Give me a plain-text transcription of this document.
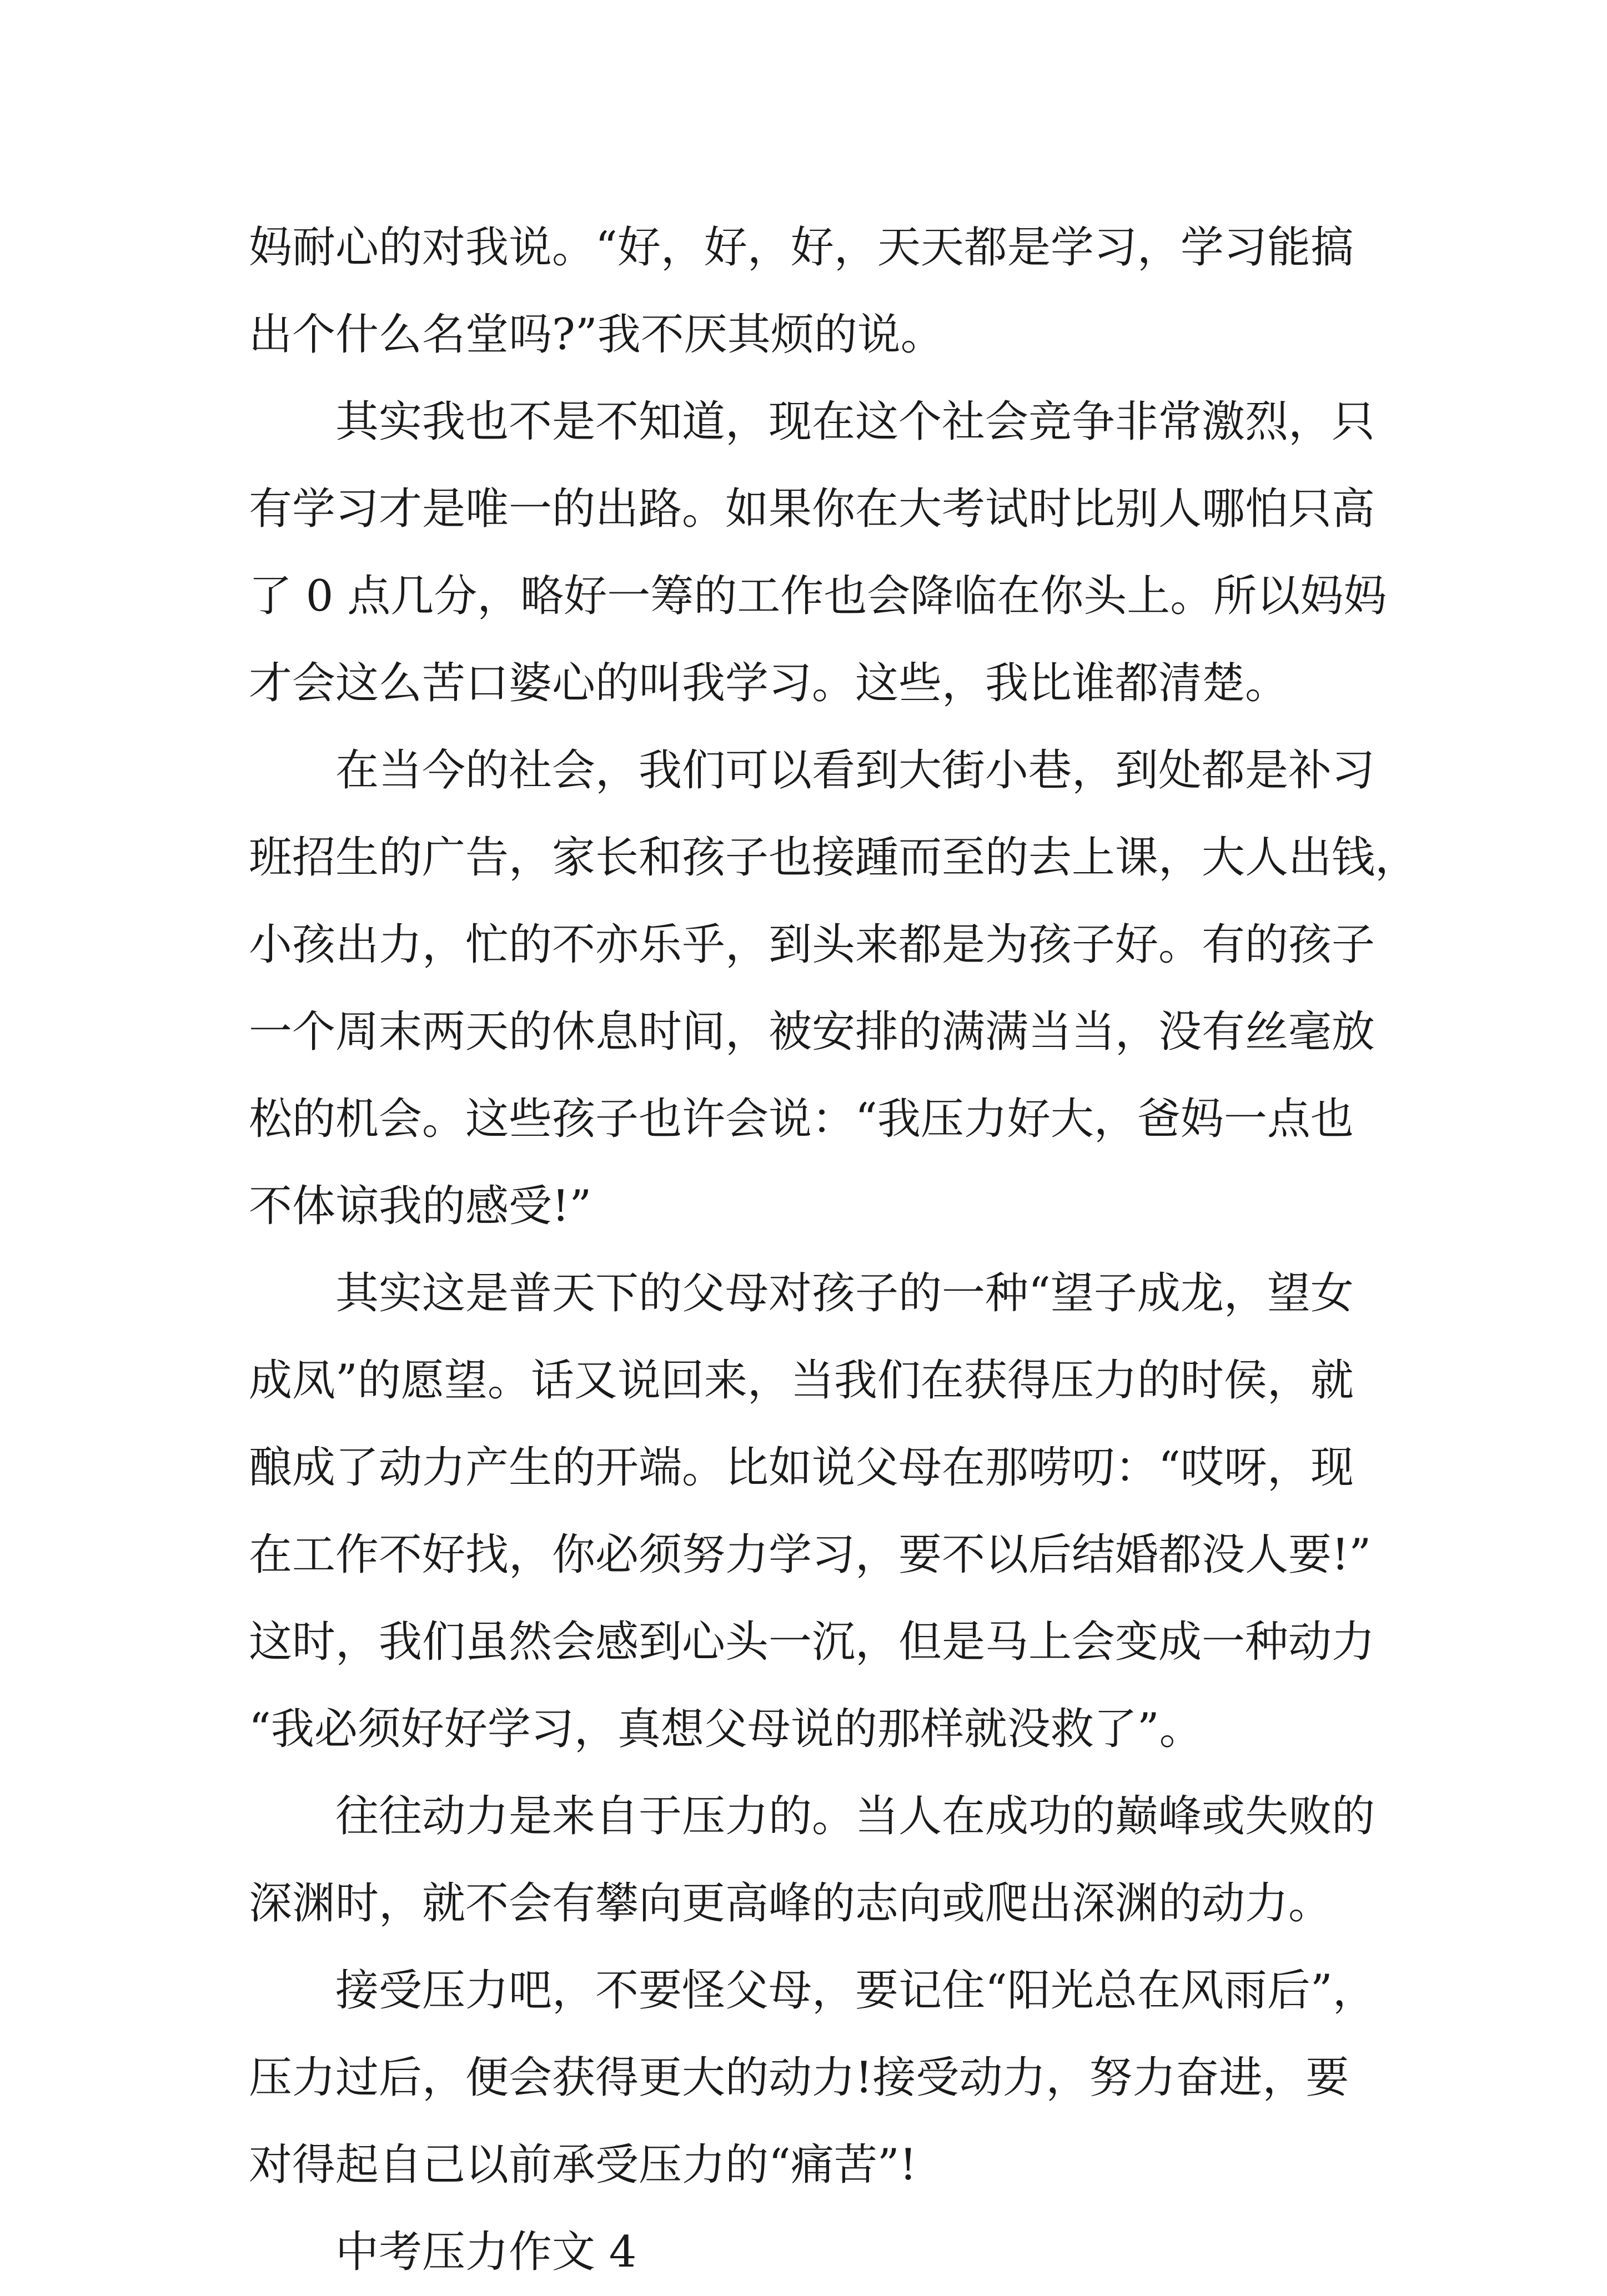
妈耐心的对我说。“好，好，好，天天都是学习，学习能搞
出个什么名堂吗?”我不厌其烦的说。
其实我也不是不知道，现在这个社会竞争非常激烈，只
有学习才是唯一的出路。如果你在大考试时比别人哪怕只高
了 0 点几分，略好一筹的工作也会降临在你头上。所以妈妈
才会这么苦口婆心的叫我学习。这些，我比谁都清楚。
在当今的社会，我们可以看到大街小巷，到处都是补习
班招生的广告，家长和孩子也接踵而至的去上课，大人出钱，
小孩出力，忙的不亦乐乎，到头来都是为孩子好。有的孩子
一个周末两天的休息时间，被安排的满满当当，没有丝毫放
松的机会。这些孩子也许会说：“我压力好大，爸妈一点也
不体谅我的感受!”
其实这是普天下的父母对孩子的一种“望子成龙，望女
成凤”的愿望。话又说回来，当我们在获得压力的时侯，就
酿成了动力产生的开端。比如说父母在那唠叨：“哎呀，现
在工作不好找，你必须努力学习，要不以后结婚都没人要!”
这时，我们虽然会感到心头一沉，但是马上会变成一种动力
“我必须好好学习，真想父母说的那样就没救了”。
往往动力是来自于压力的。当人在成功的巅峰或失败的
深渊时，就不会有攀向更高峰的志向或爬出深渊的动力。
接受压力吧，不要怪父母，要记住“阳光总在风雨后”，
压力过后，便会获得更大的动力!接受动力，努力奋进，要
对得起自己以前承受压力的“痛苦”!
中考压力作文 4
